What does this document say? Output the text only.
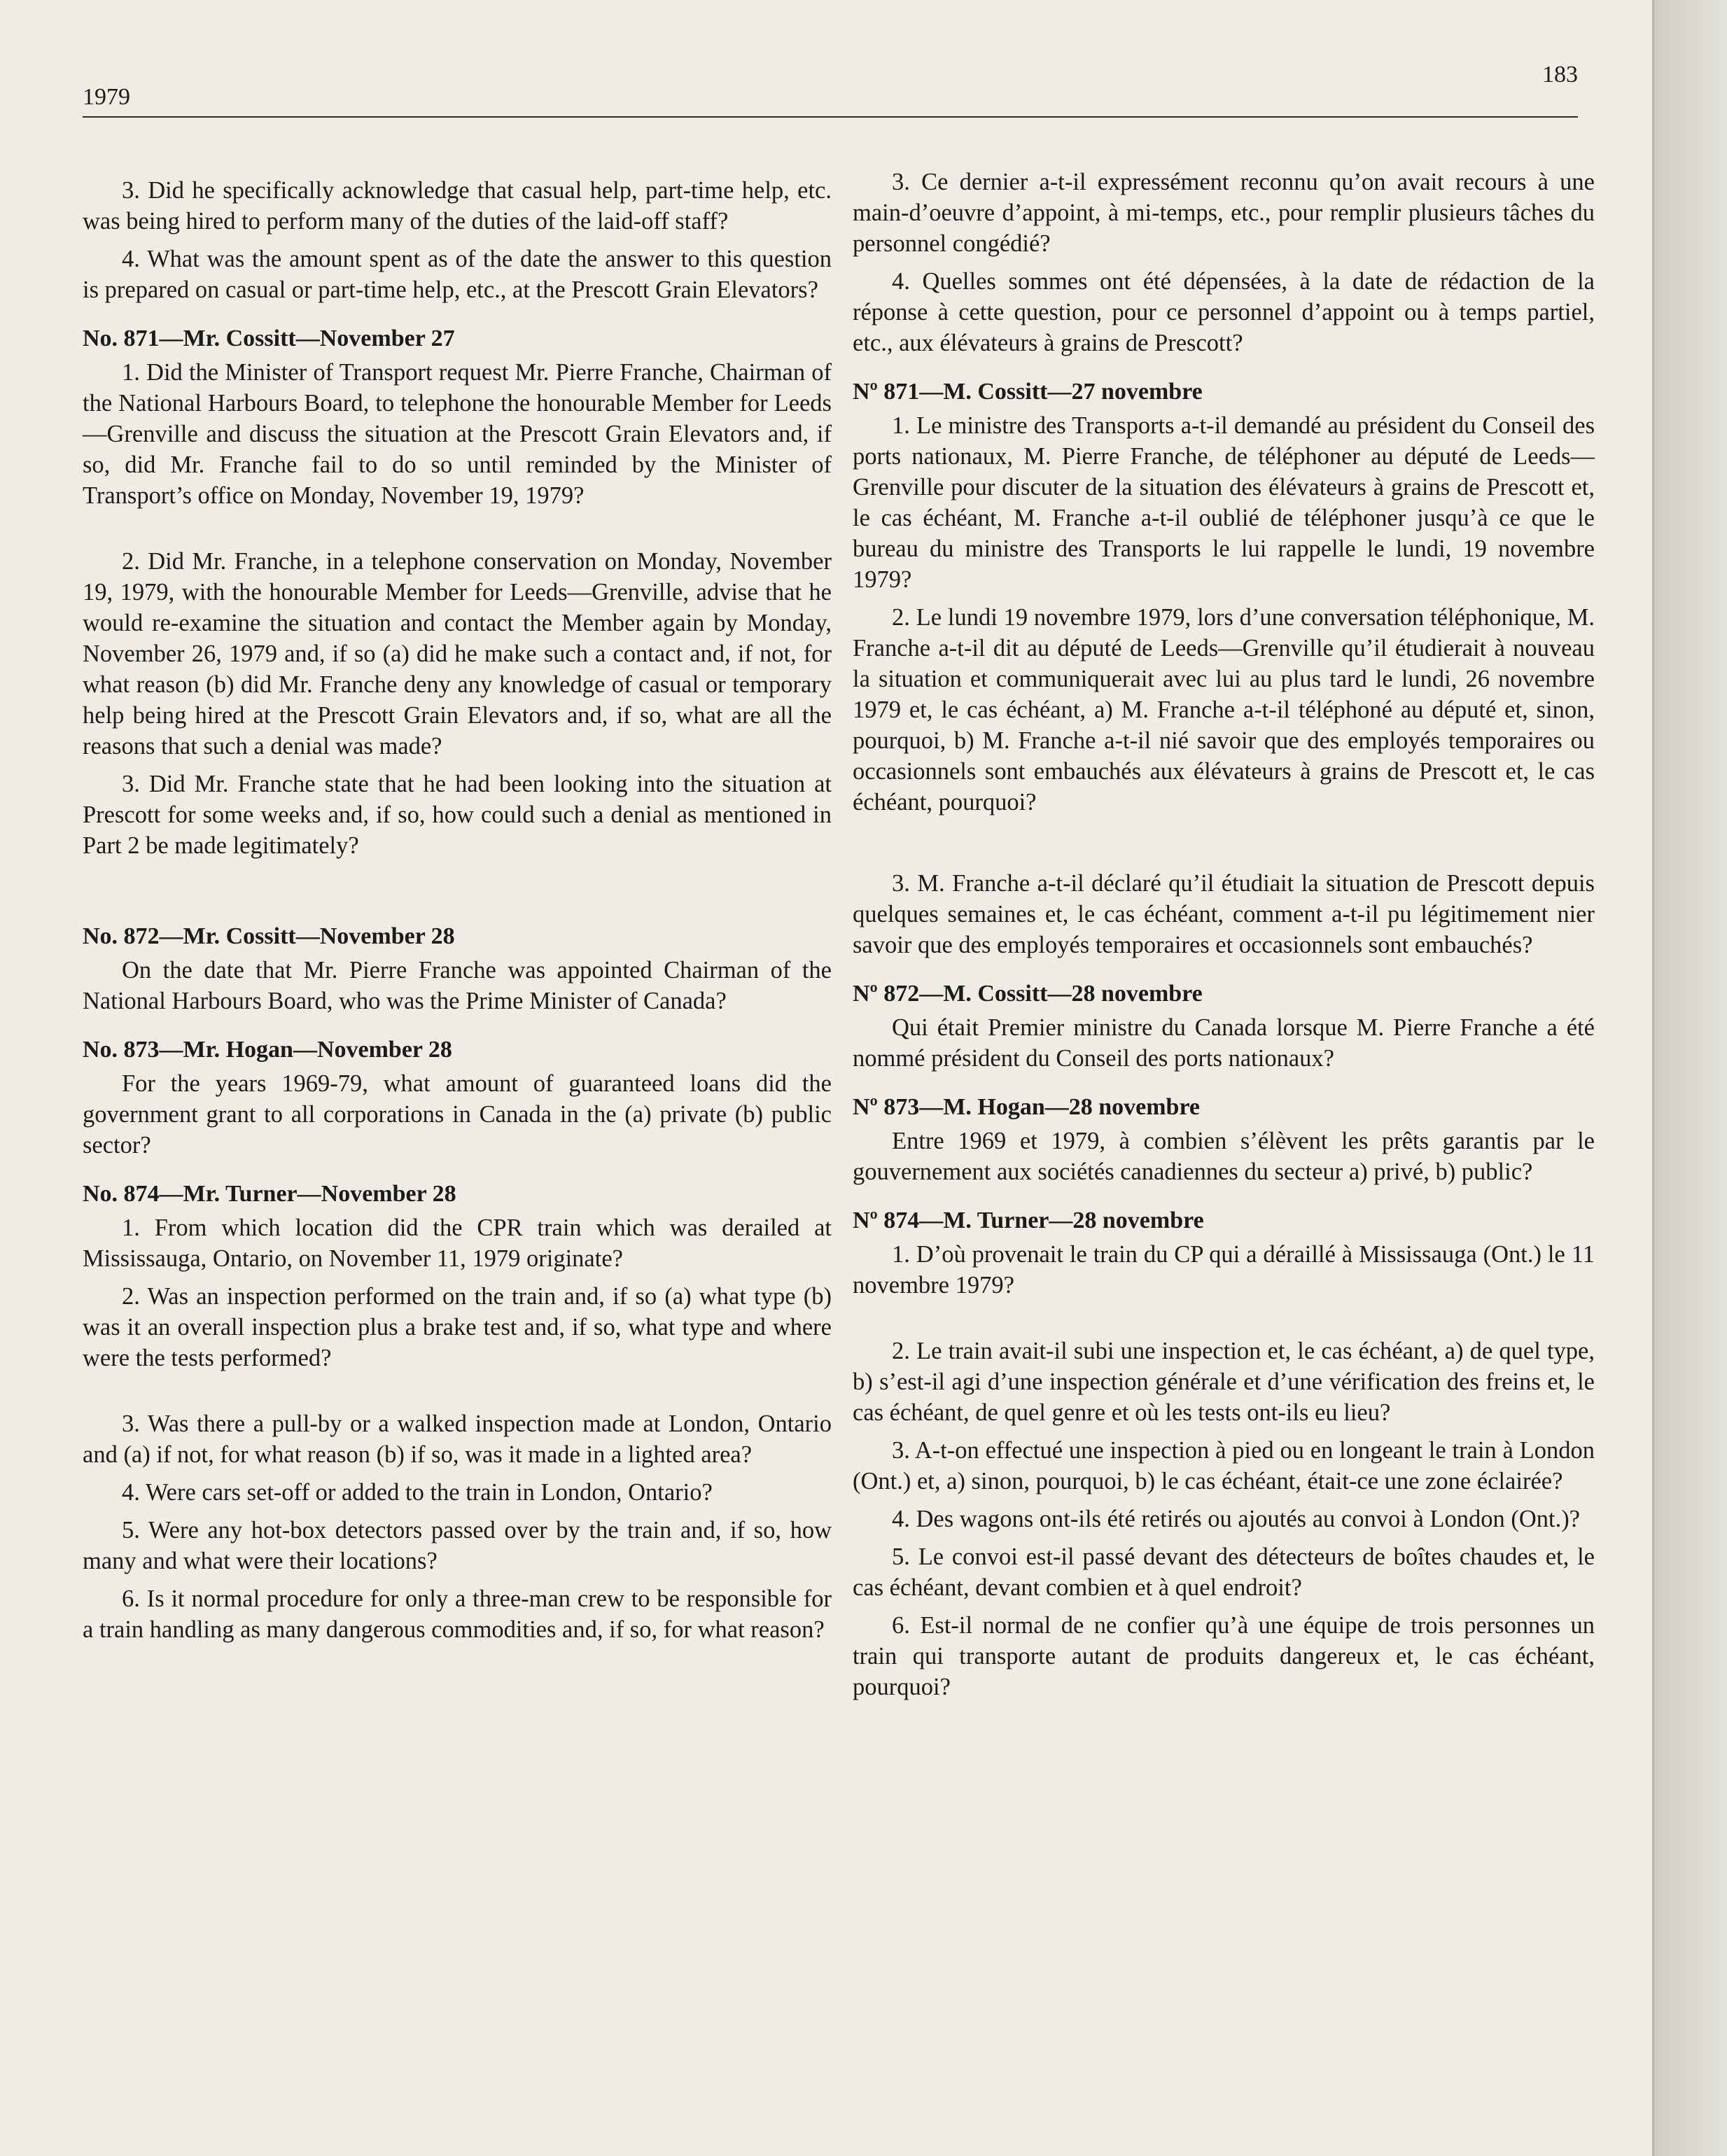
1979
183

3. Did he specifically acknowledge that casual help, part-time help, etc. was being hired to perform many of the duties of the laid-off staff?

4. What was the amount spent as of the date the answer to this question is prepared on casual or part-time help, etc., at the Prescott Grain Elevators?

No. 871—Mr. Cossitt—November 27

1. Did the Minister of Transport request Mr. Pierre Franche, Chairman of the National Harbours Board, to telephone the honourable Member for Leeds—Grenville and discuss the situation at the Prescott Grain Elevators and, if so, did Mr. Franche fail to do so until reminded by the Minister of Transport’s office on Monday, November 19, 1979?

2. Did Mr. Franche, in a telephone conservation on Monday, November 19, 1979, with the honourable Member for Leeds—Grenville, advise that he would re-examine the situation and contact the Member again by Monday, November 26, 1979 and, if so (a) did he make such a contact and, if not, for what reason (b) did Mr. Franche deny any knowledge of casual or temporary help being hired at the Prescott Grain Elevators and, if so, what are all the reasons that such a denial was made?

3. Did Mr. Franche state that he had been looking into the situation at Prescott for some weeks and, if so, how could such a denial as mentioned in Part 2 be made legitimately?

No. 872—Mr. Cossitt—November 28

On the date that Mr. Pierre Franche was appointed Chairman of the National Harbours Board, who was the Prime Minister of Canada?

No. 873—Mr. Hogan—November 28

For the years 1969-79, what amount of guaranteed loans did the government grant to all corporations in Canada in the (a) private (b) public sector?

No. 874—Mr. Turner—November 28

1. From which location did the CPR train which was derailed at Mississauga, Ontario, on November 11, 1979 originate?

2. Was an inspection performed on the train and, if so (a) what type (b) was it an overall inspection plus a brake test and, if so, what type and where were the tests performed?

3. Was there a pull-by or a walked inspection made at London, Ontario and (a) if not, for what reason (b) if so, was it made in a lighted area?

4. Were cars set-off or added to the train in London, Ontario?

5. Were any hot-box detectors passed over by the train and, if so, how many and what were their locations?

6. Is it normal procedure for only a three-man crew to be responsible for a train handling as many dangerous commodities and, if so, for what reason?

3. Ce dernier a-t-il expressément reconnu qu’on avait recours à une main-d’oeuvre d’appoint, à mi-temps, etc., pour remplir plusieurs tâches du personnel congédié?

4. Quelles sommes ont été dépensées, à la date de rédaction de la réponse à cette question, pour ce personnel d’appoint ou à temps partiel, etc., aux élévateurs à grains de Prescott?

Nº 871—M. Cossitt—27 novembre

1. Le ministre des Transports a-t-il demandé au président du Conseil des ports nationaux, M. Pierre Franche, de téléphoner au député de Leeds—Grenville pour discuter de la situation des élévateurs à grains de Prescott et, le cas échéant, M. Franche a-t-il oublié de téléphoner jusqu’à ce que le bureau du ministre des Transports le lui rappelle le lundi, 19 novembre 1979?

2. Le lundi 19 novembre 1979, lors d’une conversation téléphonique, M. Franche a-t-il dit au député de Leeds—Grenville qu’il étudierait à nouveau la situation et communiquerait avec lui au plus tard le lundi, 26 novembre 1979 et, le cas échéant, a) M. Franche a-t-il téléphoné au député et, sinon, pourquoi, b) M. Franche a-t-il nié savoir que des employés temporaires ou occasionnels sont embauchés aux élévateurs à grains de Prescott et, le cas échéant, pourquoi?

3. M. Franche a-t-il déclaré qu’il étudiait la situation de Prescott depuis quelques semaines et, le cas échéant, comment a-t-il pu légitimement nier savoir que des employés temporaires et occasionnels sont embauchés?

Nº 872—M. Cossitt—28 novembre

Qui était Premier ministre du Canada lorsque M. Pierre Franche a été nommé président du Conseil des ports nationaux?

Nº 873—M. Hogan—28 novembre

Entre 1969 et 1979, à combien s’élèvent les prêts garantis par le gouvernement aux sociétés canadiennes du secteur a) privé, b) public?

Nº 874—M. Turner—28 novembre

1. D’où provenait le train du CP qui a déraillé à Mississauga (Ont.) le 11 novembre 1979?

2. Le train avait-il subi une inspection et, le cas échéant, a) de quel type, b) s’est-il agi d’une inspection générale et d’une vérification des freins et, le cas échéant, de quel genre et où les tests ont-ils eu lieu?

3. A-t-on effectué une inspection à pied ou en longeant le train à London (Ont.) et, a) sinon, pourquoi, b) le cas échéant, était-ce une zone éclairée?

4. Des wagons ont-ils été retirés ou ajoutés au convoi à London (Ont.)?

5. Le convoi est-il passé devant des détecteurs de boîtes chaudes et, le cas échéant, devant combien et à quel endroit?

6. Est-il normal de ne confier qu’à une équipe de trois personnes un train qui transporte autant de produits dangereux et, le cas échéant, pourquoi?
